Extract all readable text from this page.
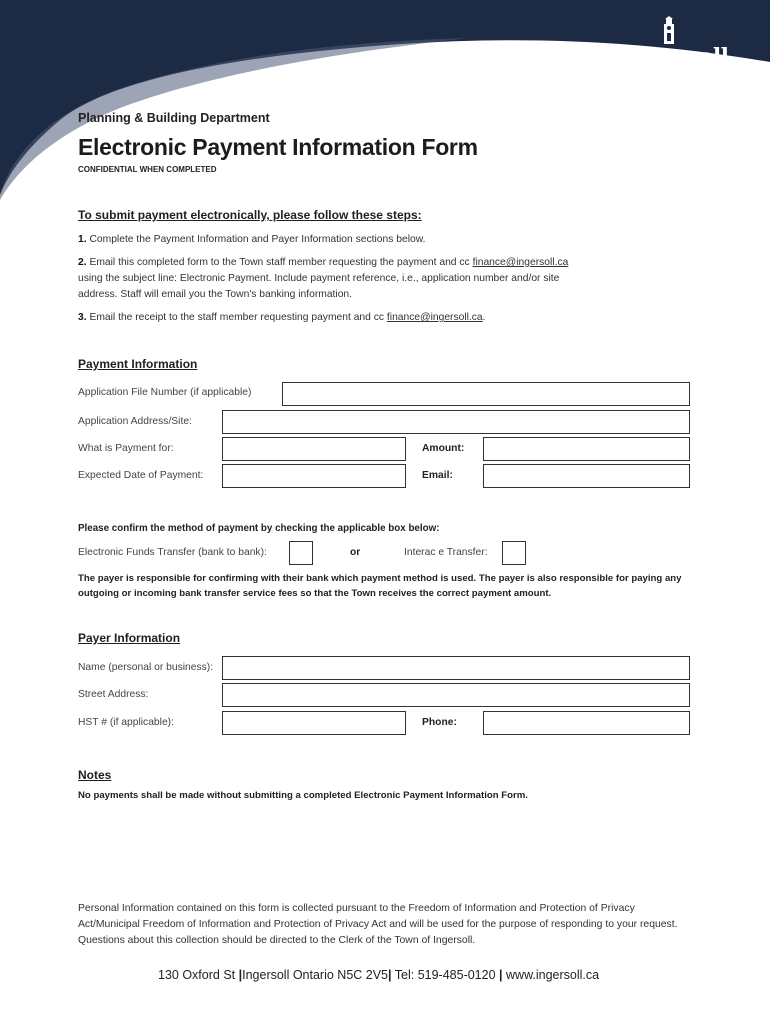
Ingersoll
our heritage, your future
Planning & Building Department
Electronic Payment Information Form
CONFIDENTIAL WHEN COMPLETED
To submit payment electronically, please follow these steps:
1. Complete the Payment Information and Payer Information sections below.
2. Email this completed form to the Town staff member requesting the payment and cc finance@ingersoll.ca
using the subject line: Electronic Payment. Include payment reference, i.e., application number and/or site
address. Staff will email you the Town's banking information.
3. Email the receipt to the staff member requesting payment and cc finance@ingersoll.ca.
Payment Information
Application File Number (if applicable)
Application Address/Site:
What is Payment for:	Amount:
Expected Date of Payment:	Email:
Please confirm the method of payment by checking the applicable box below:
Electronic Funds Transfer (bank to bank):	or	Interac e Transfer:
The payer is responsible for confirming with their bank which payment method is used. The payer is also responsible for paying any outgoing or incoming bank transfer service fees so that the Town receives the correct payment amount.
Payer Information
Name (personal or business):
Street Address:
HST # (if applicable):	Phone:
Notes
No payments shall be made without submitting a completed Electronic Payment Information Form.
Personal Information contained on this form is collected pursuant to the Freedom of Information and Protection of Privacy Act/Municipal Freedom of Information and Protection of Privacy Act and will be used for the purpose of responding to your request. Questions about this collection should be directed to the Clerk of the Town of Ingersoll.
130 Oxford St |Ingersoll Ontario N5C 2V5| Tel: 519-485-0120 | www.ingersoll.ca
